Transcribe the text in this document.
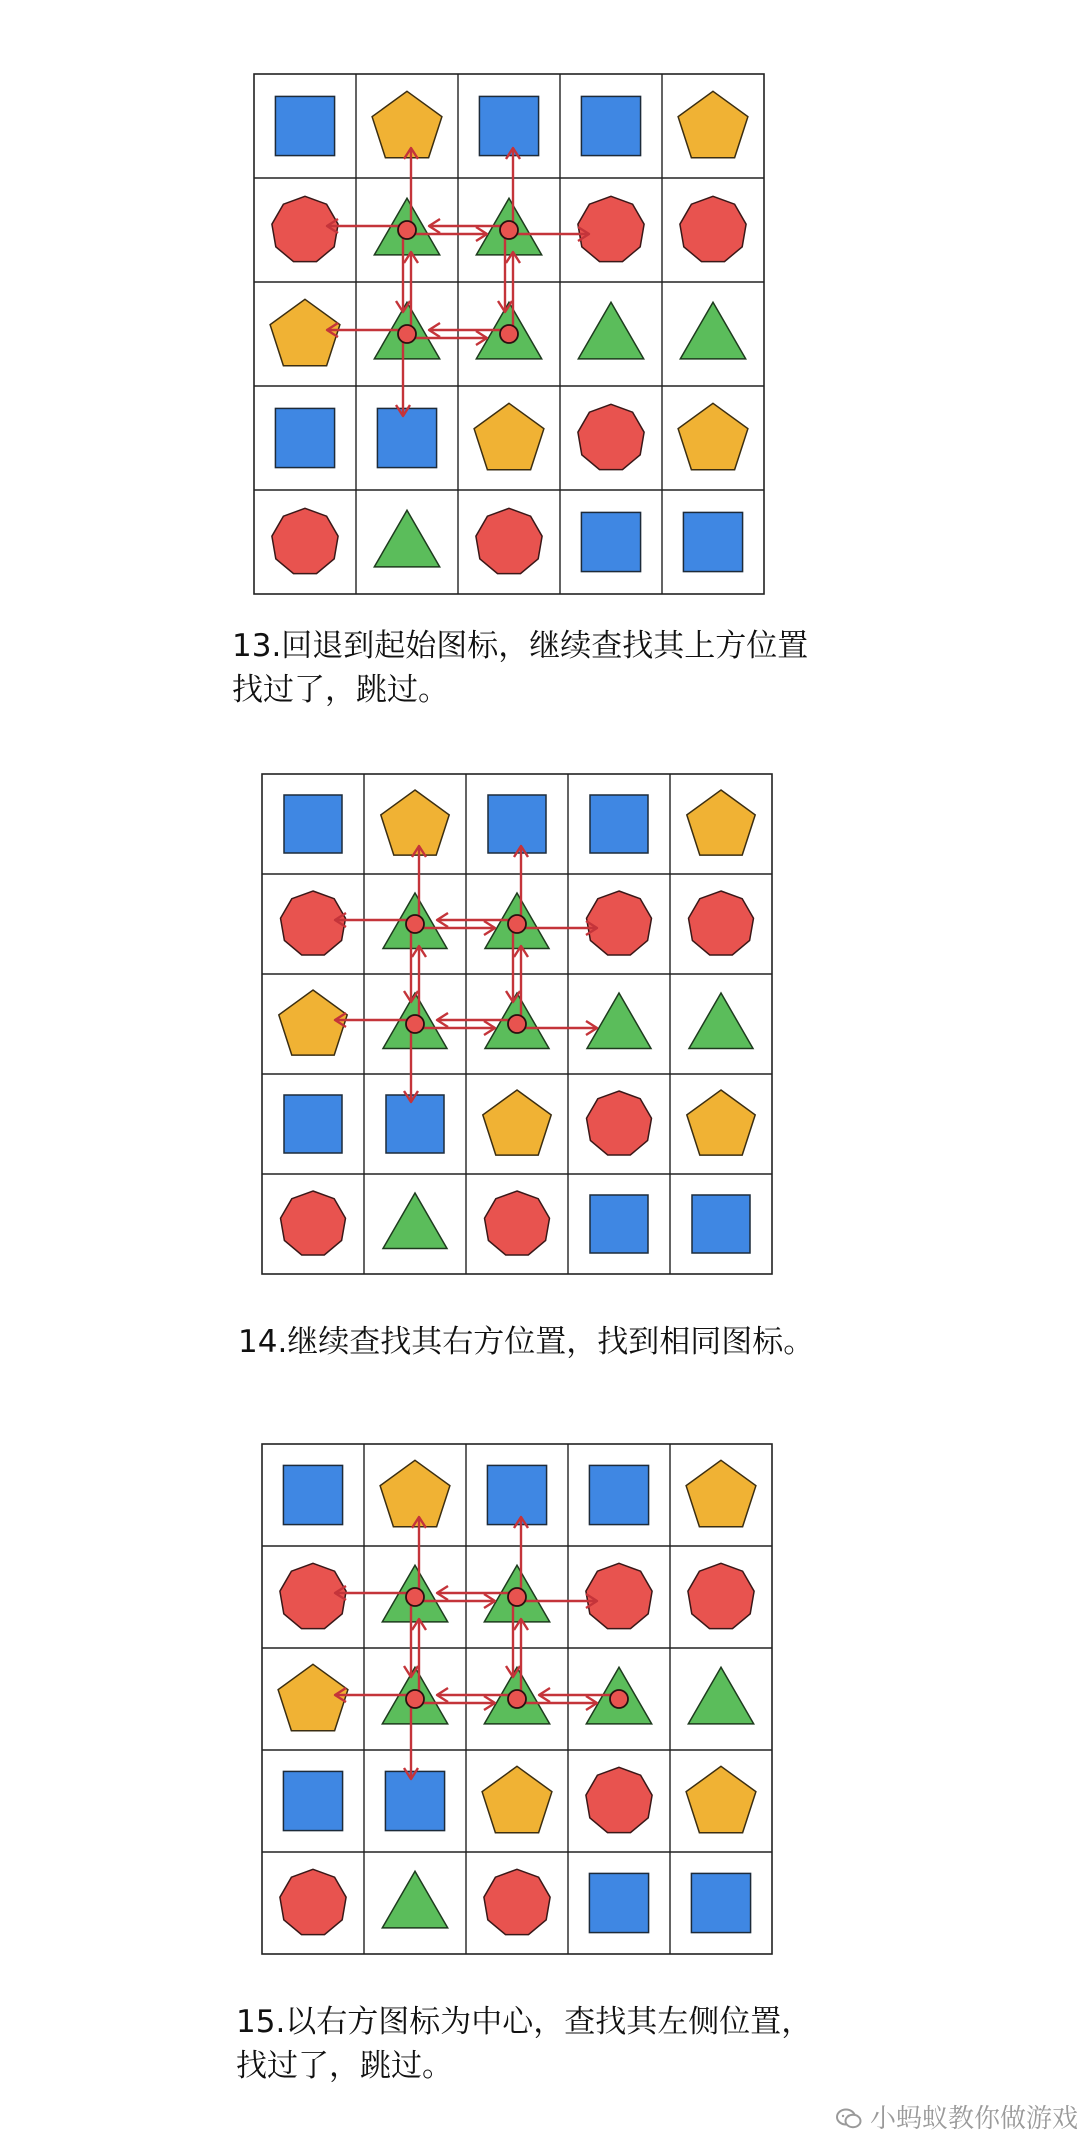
13.回退到起始图标，继续查找其上方位置
找过了，跳过。
14.继续查找其右方位置，找到相同图标。
15.以右方图标为中心，查找其左侧位置，
找过了，跳过。
小蚂蚁教你做游戏
